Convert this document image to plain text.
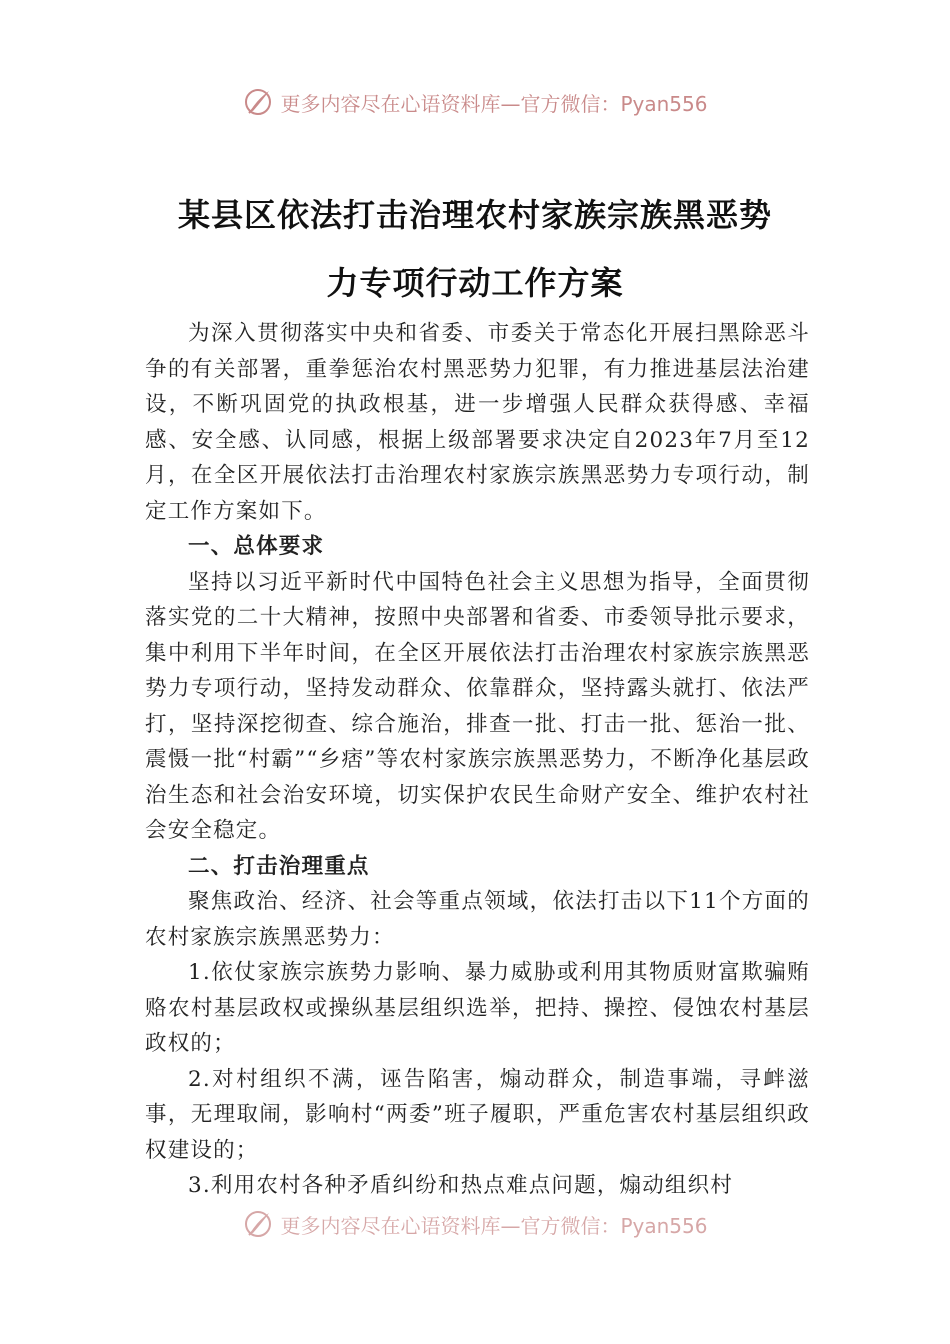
更多内容尽在心语资料库—官方微信：Pyan556
某县区依法打击治理农村家族宗族黑恶势
力专项行动工作方案

为深入贯彻落实中央和省委、市委关于常态化开展扫黑除恶斗争的有关部署，重拳惩治农村黑恶势力犯罪，有力推进基层法治建设，不断巩固党的执政根基，进一步增强人民群众获得感、幸福感、安全感、认同感，根据上级部署要求决定自2023年7月至12月，在全区开展依法打击治理农村家族宗族黑恶势力专项行动，制定工作方案如下。

一、总体要求

坚持以习近平新时代中国特色社会主义思想为指导，全面贯彻落实党的二十大精神，按照中央部署和省委、市委领导批示要求，集中利用下半年时间，在全区开展依法打击治理农村家族宗族黑恶势力专项行动，坚持发动群众、依靠群众，坚持露头就打、依法严打，坚持深挖彻查、综合施治，排查一批、打击一批、惩治一批、震慑一批“村霸”“乡痞”等农村家族宗族黑恶势力，不断净化基层政治生态和社会治安环境，切实保护农民生命财产安全、维护农村社会安全稳定。

二、打击治理重点

聚焦政治、经济、社会等重点领域，依法打击以下11个方面的农村家族宗族黑恶势力：

1.依仗家族宗族势力影响、暴力威胁或利用其物质财富欺骗贿赂农村基层政权或操纵基层组织选举，把持、操控、侵蚀农村基层政权的；

2.对村组织不满，诬告陷害，煽动群众，制造事端，寻衅滋事，无理取闹，影响村“两委”班子履职，严重危害农村基层组织政权建设的；

3.利用农村各种矛盾纠纷和热点难点问题，煽动组织村

更多内容尽在心语资料库—官方微信：Pyan556
